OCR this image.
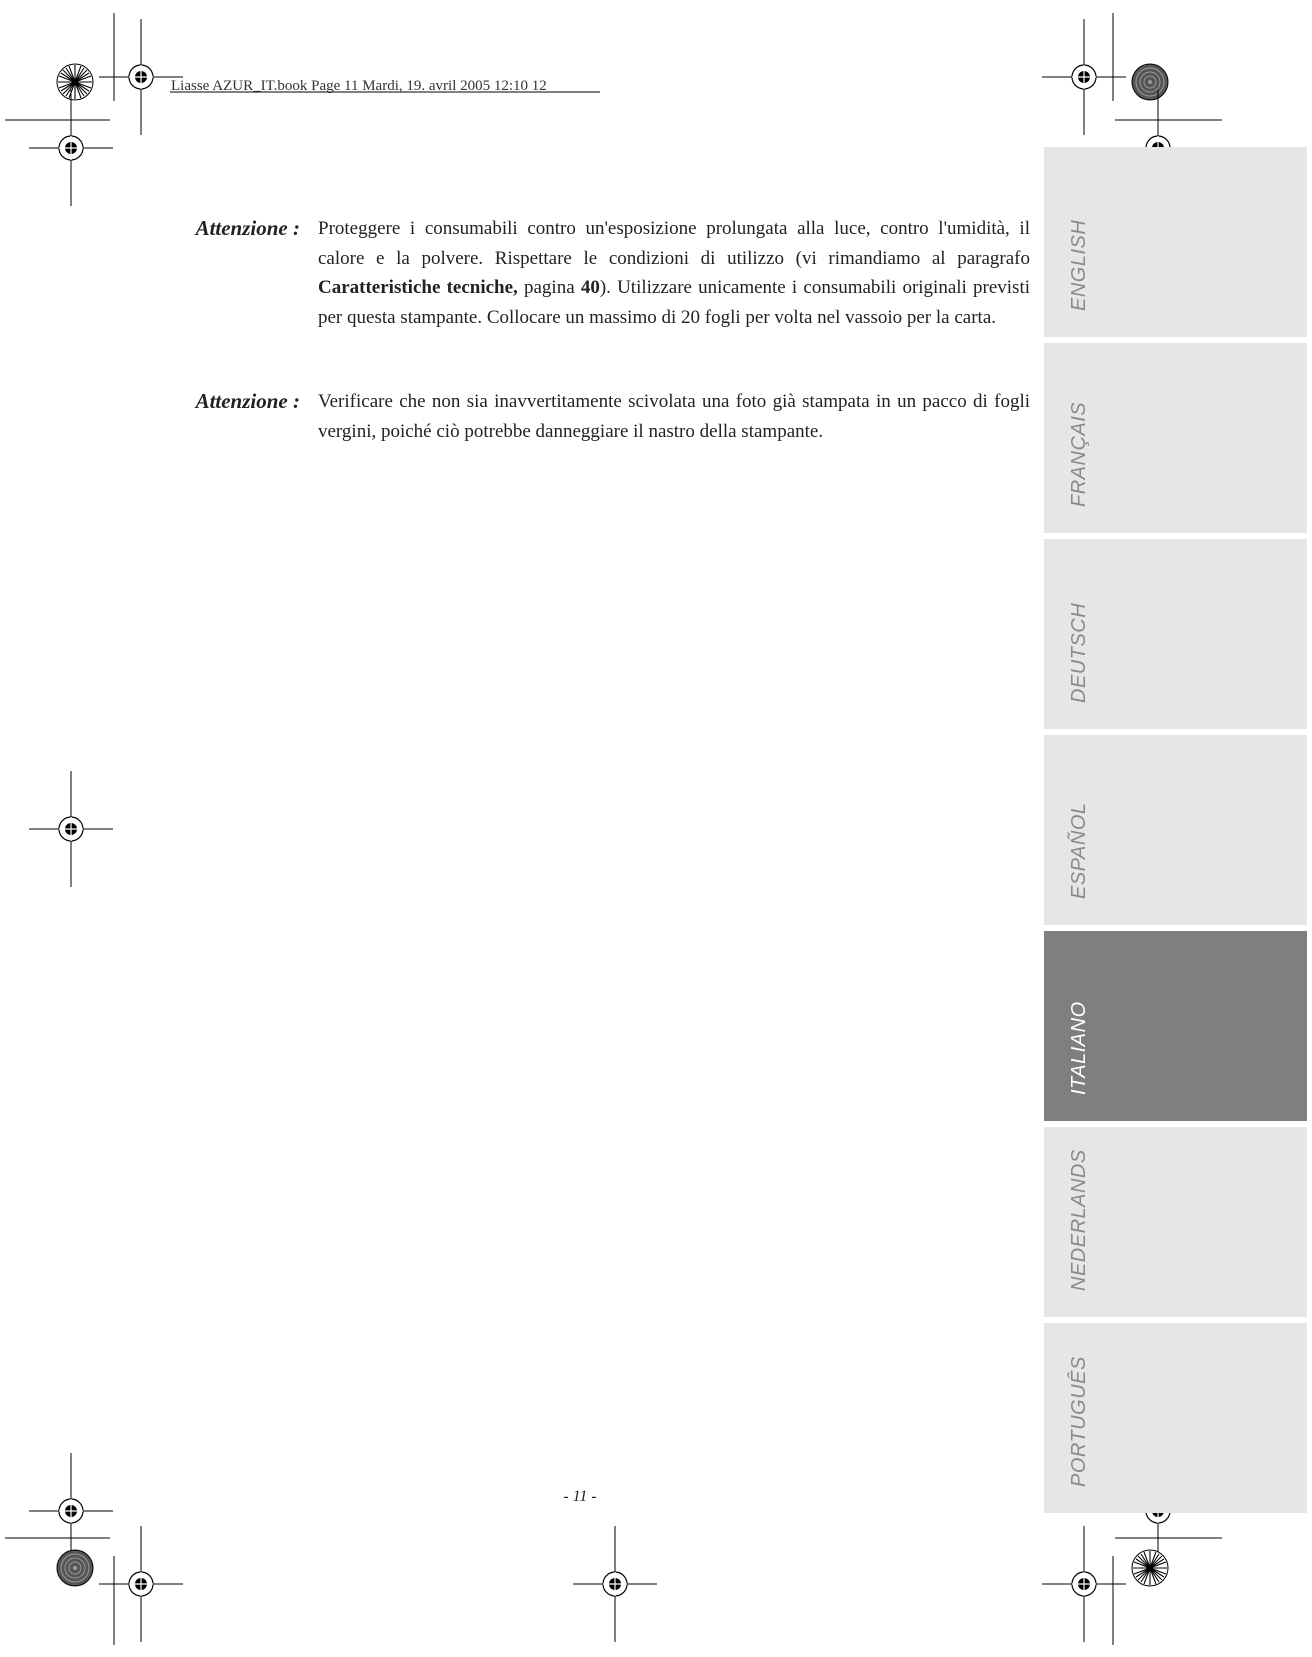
Liasse AZUR_IT.book Page 11 Mardi, 19. avril 2005 12:10 12
Attenzione : Proteggere i consumabili contro un'esposizione prolungata alla luce, contro l'umidità, il calore e la polvere. Rispettare le condizioni di utilizzo (vi rimandiamo al paragrafo Caratteristiche tecniche, pagina 40). Utilizzare unicamente i consumabili originali previsti per questa stampante. Collocare un massimo di 20 fogli per volta nel vassoio per la carta.
Attenzione : Verificare che non sia inavvertitamente scivolata una foto già stampata in un pacco di fogli vergini, poiché ciò potrebbe danneggiare il nastro della stampante.
- 11 -
ENGLISH
FRANÇAIS
DEUTSCH
ESPAÑOL
ITALIANO
NEDERLANDS
PORTUGUÊS
